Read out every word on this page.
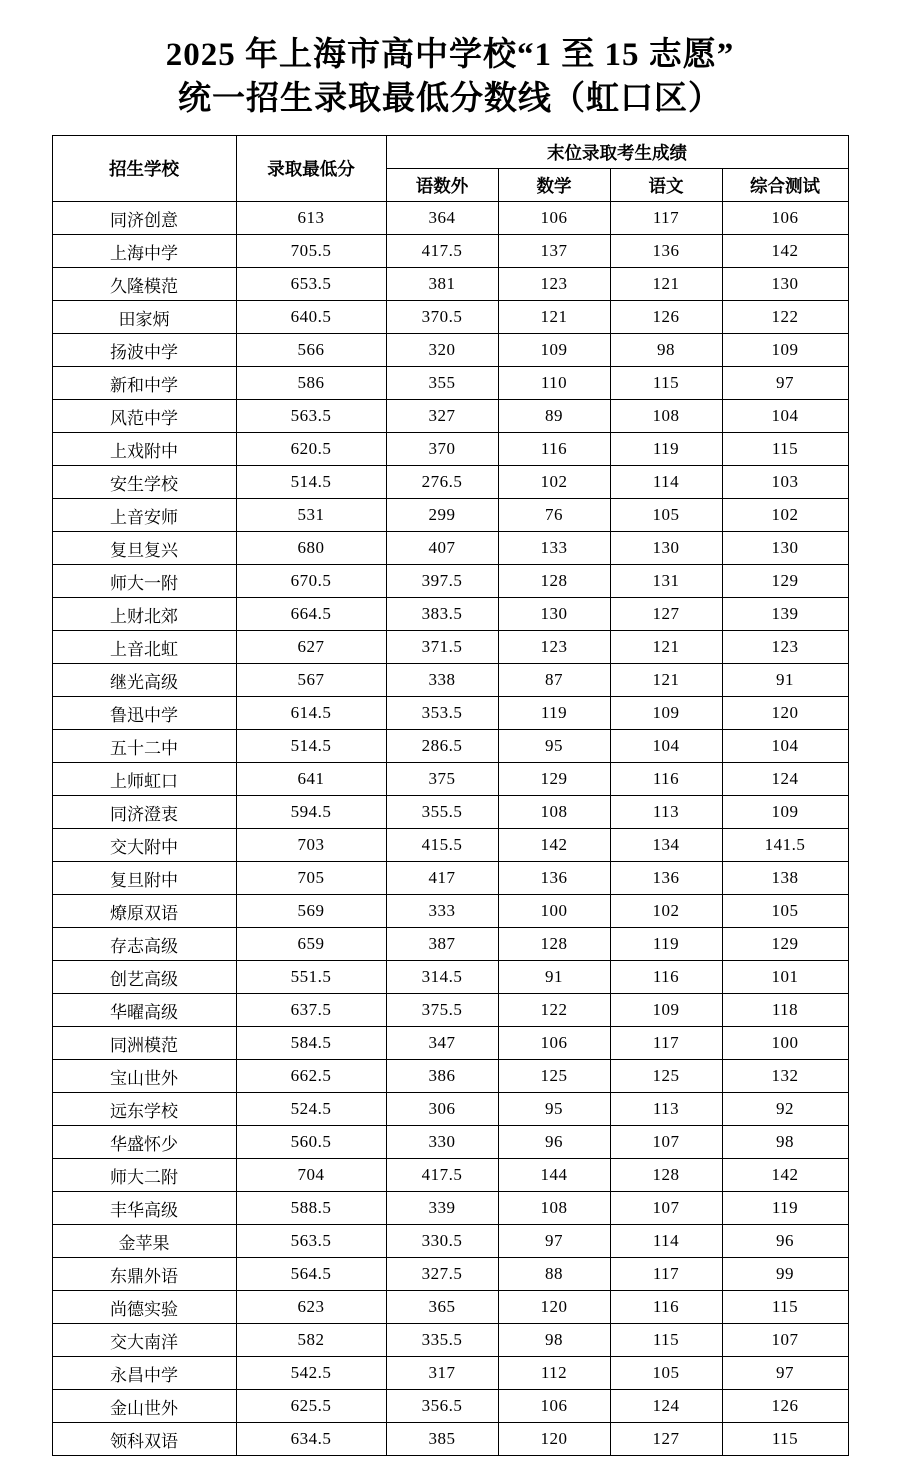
2025 年上海市高中学校“1 至 15 志愿”
统一招生录取最低分数线（虹口区）
招生学校	录取最低分	末位录取考生成绩			
		语数外	数学	语文	综合测试
同济创意	613	364	106	117	106
上海中学	705.5	417.5	137	136	142
久隆模范	653.5	381	123	121	130
田家炳	640.5	370.5	121	126	122
扬波中学	566	320	109	98	109
新和中学	586	355	110	115	97
风范中学	563.5	327	89	108	104
上戏附中	620.5	370	116	119	115
安生学校	514.5	276.5	102	114	103
上音安师	531	299	76	105	102
复旦复兴	680	407	133	130	130
师大一附	670.5	397.5	128	131	129
上财北郊	664.5	383.5	130	127	139
上音北虹	627	371.5	123	121	123
继光高级	567	338	87	121	91
鲁迅中学	614.5	353.5	119	109	120
五十二中	514.5	286.5	95	104	104
上师虹口	641	375	129	116	124
同济澄衷	594.5	355.5	108	113	109
交大附中	703	415.5	142	134	141.5
复旦附中	705	417	136	136	138
燎原双语	569	333	100	102	105
存志高级	659	387	128	119	129
创艺高级	551.5	314.5	91	116	101
华曜高级	637.5	375.5	122	109	118
同洲模范	584.5	347	106	117	100
宝山世外	662.5	386	125	125	132
远东学校	524.5	306	95	113	92
华盛怀少	560.5	330	96	107	98
师大二附	704	417.5	144	128	142
丰华高级	588.5	339	108	107	119
金苹果	563.5	330.5	97	114	96
东鼎外语	564.5	327.5	88	117	99
尚德实验	623	365	120	116	115
交大南洋	582	335.5	98	115	107
永昌中学	542.5	317	112	105	97
金山世外	625.5	356.5	106	124	126
领科双语	634.5	385	120	127	115
